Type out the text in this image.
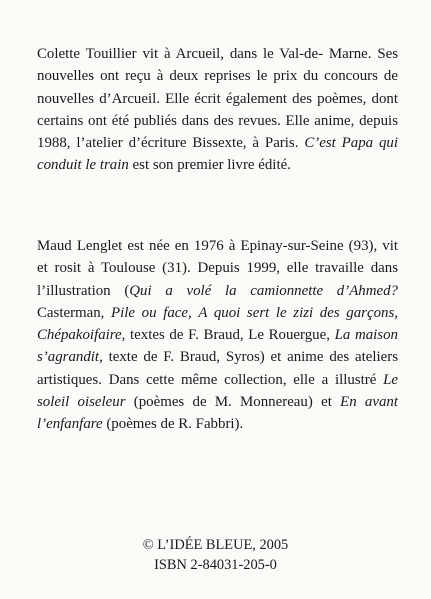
Colette Touillier vit à Arcueil, dans le Val-de- Marne. Ses nouvelles ont reçu à deux reprises le prix du concours de nouvelles d’Arcueil. Elle écrit également des poèmes, dont certains ont été publiés dans des revues. Elle anime, depuis 1988, l’atelier d’écriture Bissexte, à Paris. C’est Papa qui conduit le train est son premier livre édité.

Maud Lenglet est née en 1976 à Epinay-sur-Seine (93), vit et rosit à Toulouse (31). Depuis 1999, elle travaille dans l’illustration (Qui a volé la camionnette d’Ahmed? Casterman, Pile ou face, A quoi sert le zizi des garçons, Chépakoifaire, textes de F. Braud, Le Rouergue, La maison s’agrandit, texte de F. Braud, Syros) et anime des ateliers artistiques. Dans cette même collection, elle a illustré Le soleil oiseleur (poèmes de M. Monnereau) et En avant l’enfanfare (poèmes de R. Fabbri).

© L’IDÉE BLEUE, 2005
ISBN 2-84031-205-0
